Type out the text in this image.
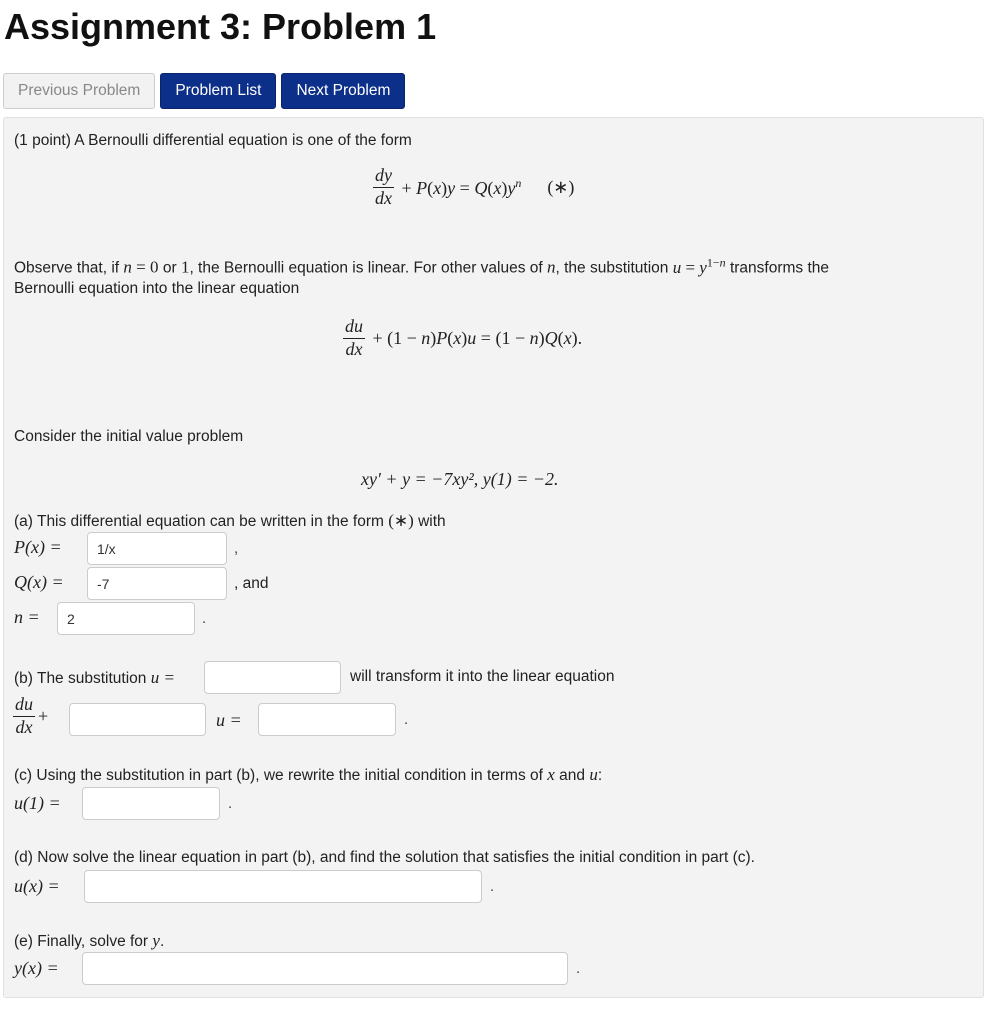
Assignment 3: Problem 1
Previous Problem	Problem List	Next Problem
(1 point) A Bernoulli differential equation is one of the form
$\frac{dy}{dx} + P(x)y = Q(x)y^n$ (∗)
Observe that, if n = 0 or 1, the Bernoulli equation is linear. For other values of n, the substitution $u = y^{1-n}$ transforms the
Bernoulli equation into the linear equation
$\frac{du}{dx} + (1 - n)P(x)u = (1 - n)Q(x)$.
Consider the initial value problem
xy′ + y = −7xy², y(1) = −2.
(a) This differential equation can be written in the form (∗) with
P(x) =
1/x	,
Q(x) =
-7	, and
n =
2	.
(b) The substitution u =	will transform it into the linear equation
$\frac{du}{dx}$ +	u =	.
(c) Using the substitution in part (b), we rewrite the initial condition in terms of x and u:
u(1) =	.
(d) Now solve the linear equation in part (b), and find the solution that satisfies the initial condition in part (c).
u(x) =	.
(e) Finally, solve for y.
y(x) =	.
